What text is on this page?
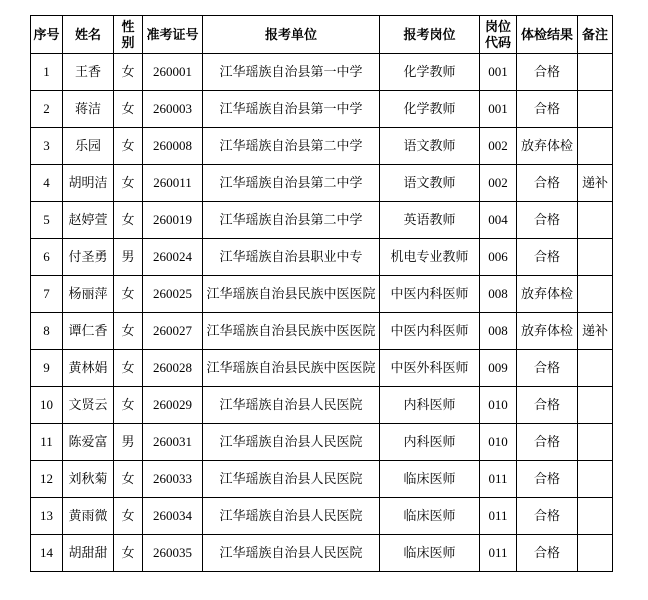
序号	姓名	性别	准考证号	报考单位	报考岗位	岗位代码	体检结果	备注
1	王香	女	260001	江华瑶族自治县第一中学	化学教师	001	合格	
2	蒋洁	女	260003	江华瑶族自治县第一中学	化学教师	001	合格	
3	乐园	女	260008	江华瑶族自治县第二中学	语文教师	002	放弃体检	
4	胡明洁	女	260011	江华瑶族自治县第二中学	语文教师	002	合格	递补
5	赵婷萱	女	260019	江华瑶族自治县第二中学	英语教师	004	合格	
6	付圣勇	男	260024	江华瑶族自治县职业中专	机电专业教师	006	合格	
7	杨丽萍	女	260025	江华瑶族自治县民族中医医院	中医内科医师	008	放弃体检	
8	谭仁香	女	260027	江华瑶族自治县民族中医医院	中医内科医师	008	放弃体检	递补
9	黄林娟	女	260028	江华瑶族自治县民族中医医院	中医外科医师	009	合格	
10	文贤云	女	260029	江华瑶族自治县人民医院	内科医师	010	合格	
11	陈爱富	男	260031	江华瑶族自治县人民医院	内科医师	010	合格	
12	刘秋菊	女	260033	江华瑶族自治县人民医院	临床医师	011	合格	
13	黄雨微	女	260034	江华瑶族自治县人民医院	临床医师	011	合格	
14	胡甜甜	女	260035	江华瑶族自治县人民医院	临床医师	011	合格	
